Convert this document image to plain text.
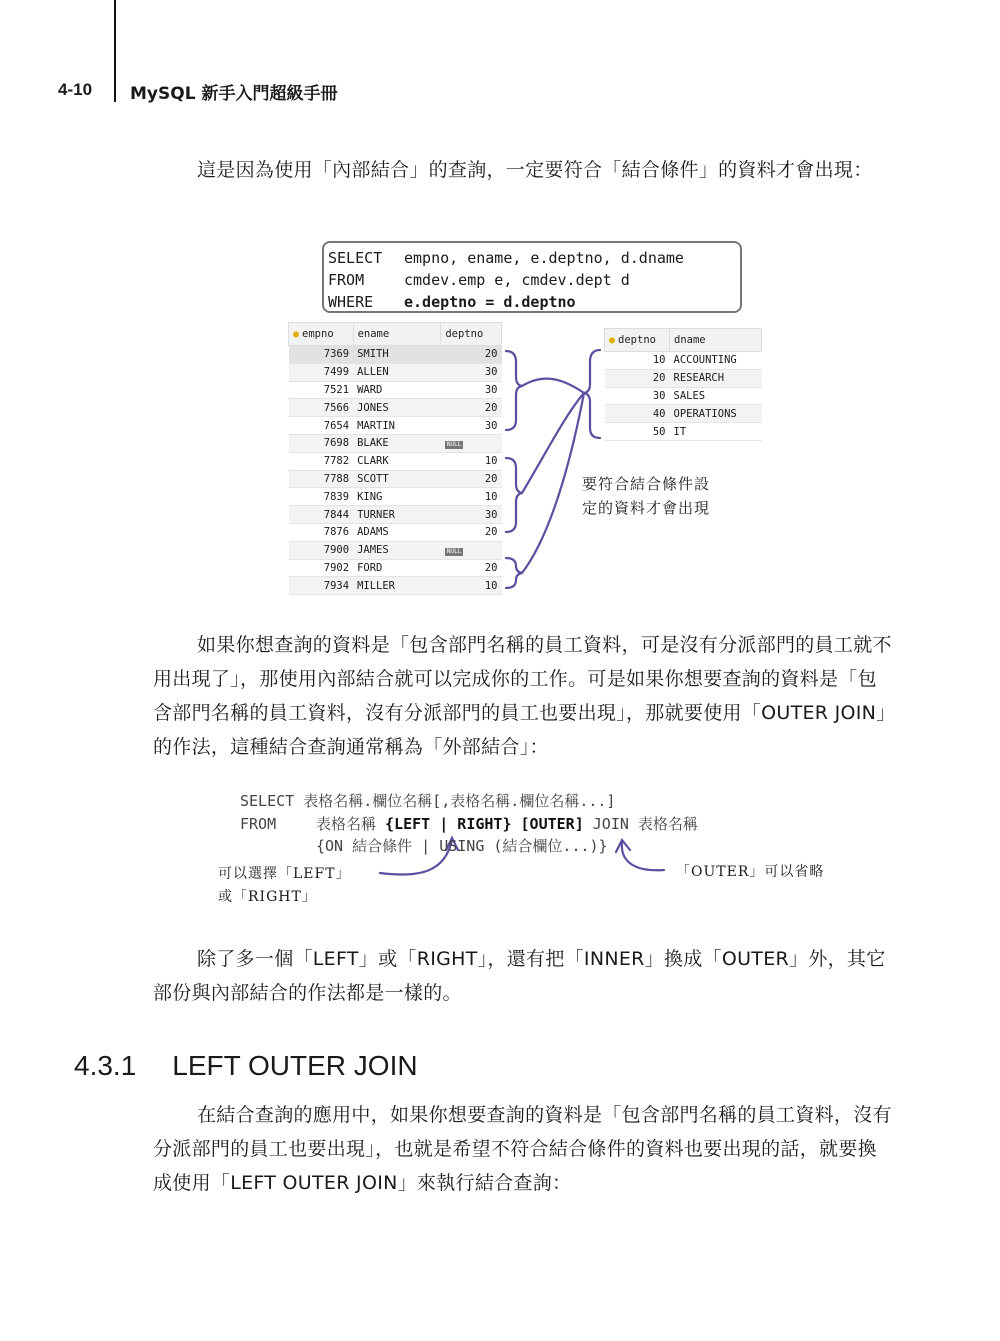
4-10 MySQL 新手入門超級手冊
這是因為使用「內部結合」的查詢，一定要符合「結合條件」的資料才會出現：
SELECT empno, ename, e.deptno, d.dname
FROM	cmdev.emp e, cmdev.dept d
WHERE e.deptno = d.deptno
● empno	ename	deptno
7369	SMITH	20
7499	ALLEN	30
7521	WARD	30
7566	JONES	20
7654	MARTIN	30
7698	BLAKE	NULL
7782	CLARK	10
7788	SCOTT	20
7839	KING	10
7844	TURNER	30
7876	ADAMS	20
7900	JAMES	NULL
7902	FORD	20
7934	MILLER	10
● deptno	dname
10	ACCOUNTING
20	RESEARCH
30	SALES
40	OPERATIONS
50	IT
要符合結合條件設
定的資料才會出現
如果你想查詢的資料是「包含部門名稱的員工資料，可是沒有分派部門的員工就不用出現了」，那使用內部結合就可以完成你的工作。可是如果你想要查詢的資料是「包含部門名稱的員工資料，沒有分派部門的員工也要出現」，那就要使用「OUTER JOIN」的作法，這種結合查詢通常稱為「外部結合」：
SELECT 表格名稱.欄位名稱[,表格名稱.欄位名稱...]
FROM	表格名稱 {LEFT | RIGHT} [OUTER] JOIN 表格名稱
{ON 結合條件 | USING (結合欄位...)}
可以選擇「LEFT」
或「RIGHT」
「OUTER」可以省略
除了多一個「LEFT」或「RIGHT」，還有把「INNER」換成「OUTER」外，其它部份與內部結合的作法都是一樣的。
4.3.1 LEFT OUTER JOIN
在結合查詢的應用中，如果你想要查詢的資料是「包含部門名稱的員工資料，沒有分派部門的員工也要出現」，也就是希望不符合結合條件的資料也要出現的話，就要換成使用「LEFT OUTER JOIN」來執行結合查詢：
